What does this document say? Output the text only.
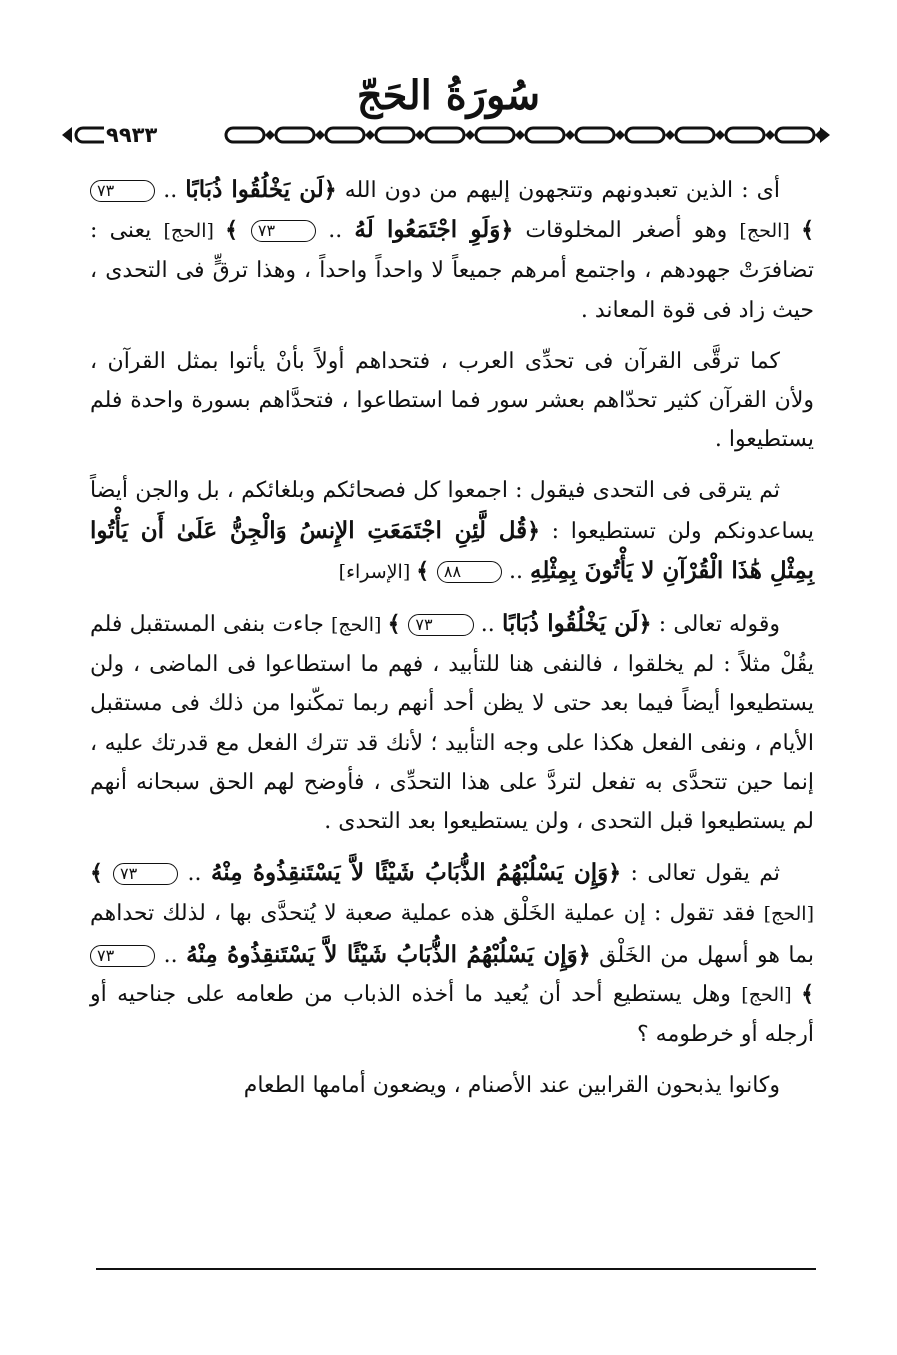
سُورَةُ الحَجّ
٩٩٣٣

أى : الذين تعبدونهم وتتجهون إليهم من دون الله ﴿لَن يَخْلُقُوا ذُبَابًا .. ٧٣ ﴾ [الحج] وهو أصغر المخلوقات ﴿وَلَوِ اجْتَمَعُوا لَهُ .. ٧٣ ﴾ [الحج] يعنى : تضافرَتْ جهودهم ، واجتمع أمرهم جميعاً لا واحداً واحداً ، وهذا ترقٍّ فى التحدى ، حيث زاد فى قوة المعاند .

كما ترقَّى القرآن فى تحدِّى العرب ، فتحداهم أولاً بأنْ يأتوا بمثل القرآن ، ولأن القرآن كثير تحدّاهم بعشر سور فما استطاعوا ، فتحدَّاهم بسورة واحدة فلم يستطيعوا .

ثم يترقى فى التحدى فيقول : اجمعوا كل فصحائكم وبلغائكم ، بل والجن أيضاً يساعدونكم ولن تستطيعوا : ﴿قُل لَّئِنِ اجْتَمَعَتِ الإِنسُ وَالْجِنُّ عَلَىٰ أَن يَأْتُوا بِمِثْلِ هَٰذَا الْقُرْآنِ لا يَأْتُونَ بِمِثْلِهِ .. ٨٨ ﴾ [الإسراء]

وقوله تعالى : ﴿لَن يَخْلُقُوا ذُبَابًا .. ٧٣ ﴾ [الحج] جاءت بنفى المستقبل فلم يقُلْ مثلاً : لم يخلقوا ، فالنفى هنا للتأبيد ، فهم ما استطاعوا فى الماضى ، ولن يستطيعوا أيضاً فيما بعد حتى لا يظن أحد أنهم ربما تمكّنوا من ذلك فى مستقبل الأيام ، ونفى الفعل هكذا على وجه التأبيد ؛ لأنك قد تترك الفعل مع قدرتك عليه ، إنما حين تتحدَّى به تفعل لتردَّ على هذا التحدِّى ، فأوضح لهم الحق سبحانه أنهم لم يستطيعوا قبل التحدى ، ولن يستطيعوا بعد التحدى .

ثم يقول تعالى : ﴿وَإِن يَسْلُبْهُمُ الذُّبَابُ شَيْئًا لاَّ يَسْتَنقِذُوهُ مِنْهُ .. ٧٣ ﴾ [الحج] فقد تقول : إن عملية الخَلْق هذه عملية صعبة لا يُتحدَّى بها ، لذلك تحداهم بما هو أسهل من الخَلْق ﴿وَإِن يَسْلُبْهُمُ الذُّبَابُ شَيْئًا لاَّ يَسْتَنقِذُوهُ مِنْهُ .. ٧٣ ﴾ [الحج] وهل يستطيع أحد أن يُعيد ما أخذه الذباب من طعامه على جناحيه أو أرجله أو خرطومه ؟

وكانوا يذبحون القرابين عند الأصنام ، ويضعون أمامها الطعام
